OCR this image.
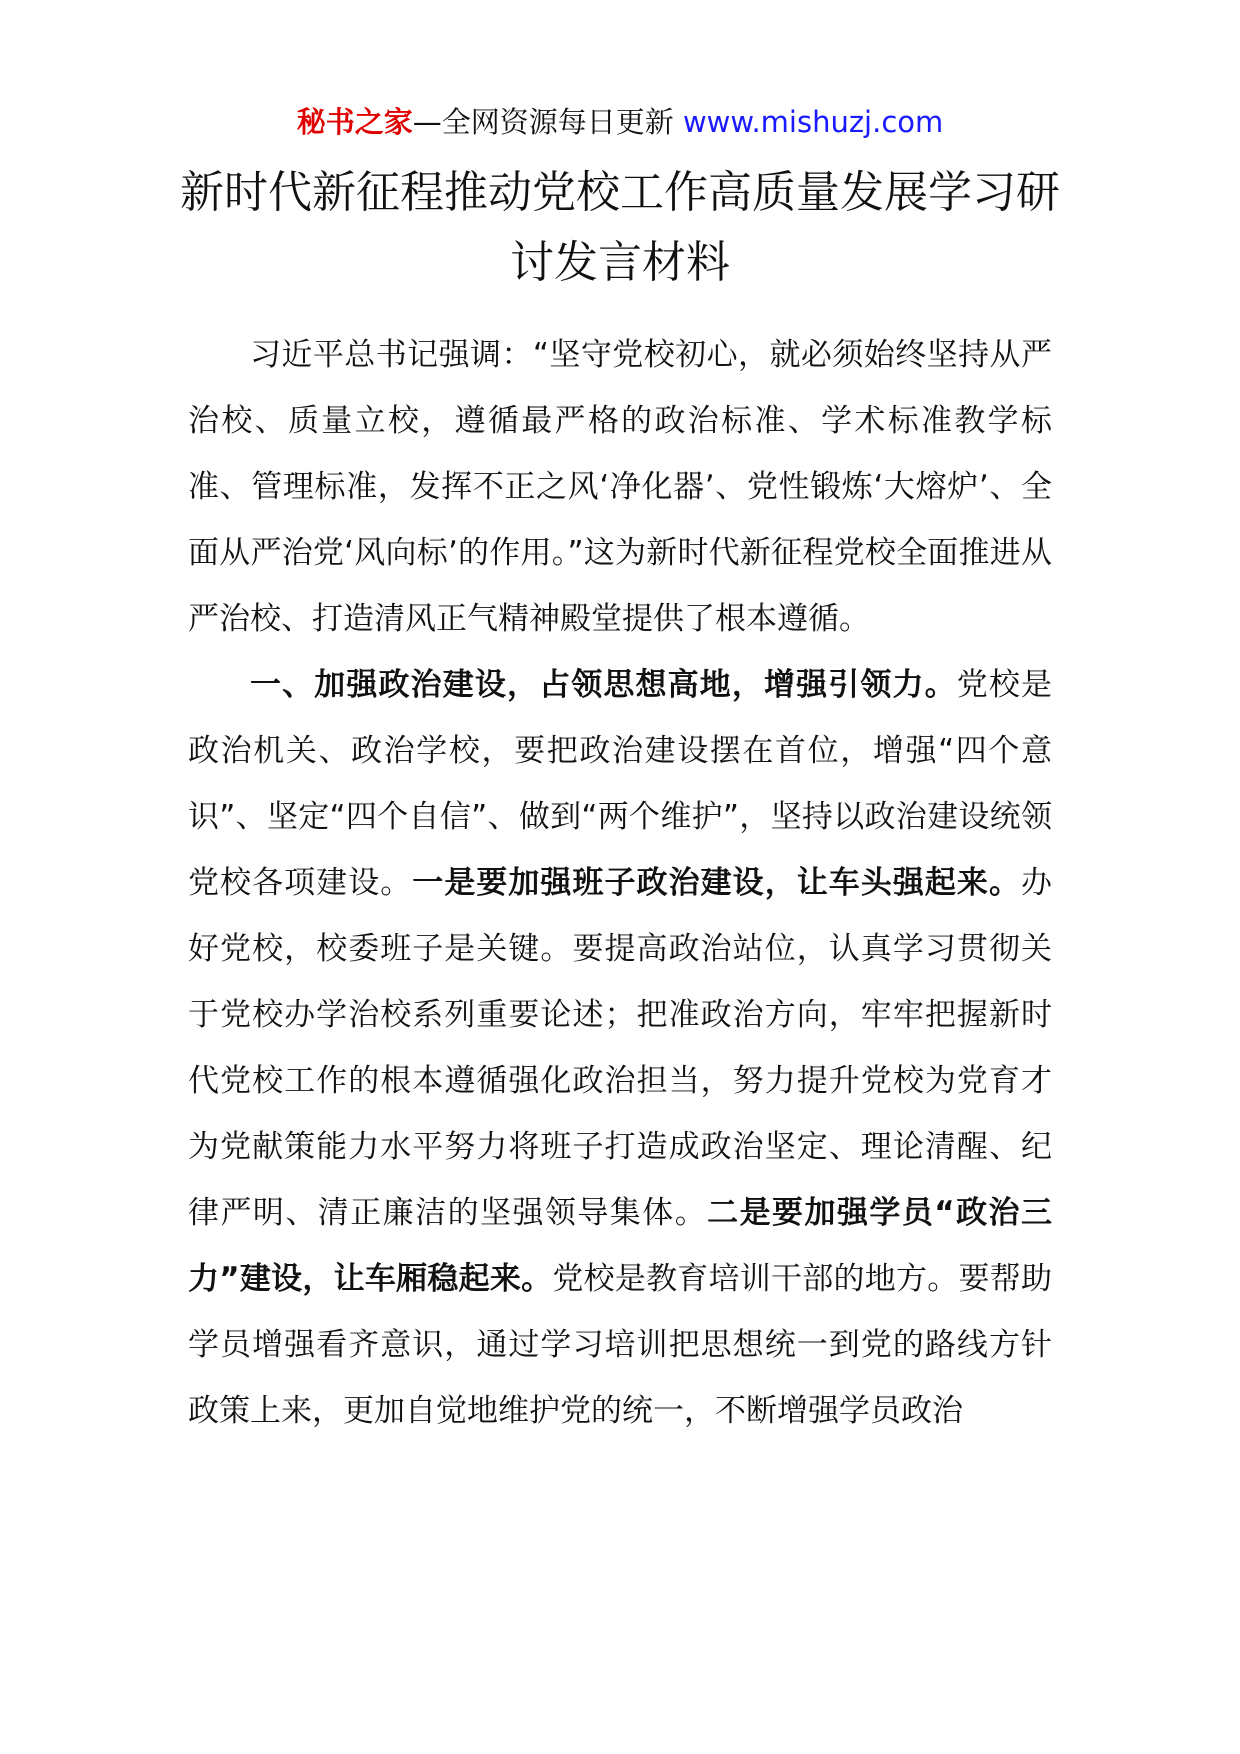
秘书之家—全网资源每日更新 www.mishuzj.com
新时代新征程推动党校工作高质量发展学习研讨发言材料

习近平总书记强调：“坚守党校初心，就必须始终坚持从严治校、质量立校，遵循最严格的政治标准、学术标准教学标准、管理标准，发挥不正之风‘净化器’、党性锻炼‘大熔炉’、全面从严治党‘风向标’的作用。”这为新时代新征程党校全面推进从严治校、打造清风正气精神殿堂提供了根本遵循。

一、加强政治建设，占领思想高地，增强引领力。党校是政治机关、政治学校，要把政治建设摆在首位，增强“四个意识”、坚定“四个自信”、做到“两个维护”，坚持以政治建设统领党校各项建设。一是要加强班子政治建设，让车头强起来。办好党校，校委班子是关键。要提高政治站位，认真学习贯彻关于党校办学治校系列重要论述；把准政治方向，牢牢把握新时代党校工作的根本遵循强化政治担当，努力提升党校为党育才为党献策能力水平努力将班子打造成政治坚定、理论清醒、纪律严明、清正廉洁的坚强领导集体。二是要加强学员“政治三力”建设，让车厢稳起来。党校是教育培训干部的地方。要帮助学员增强看齐意识，通过学习培训把思想统一到党的路线方针政策上来，更加自觉地维护党的统一，不断增强学员政治
